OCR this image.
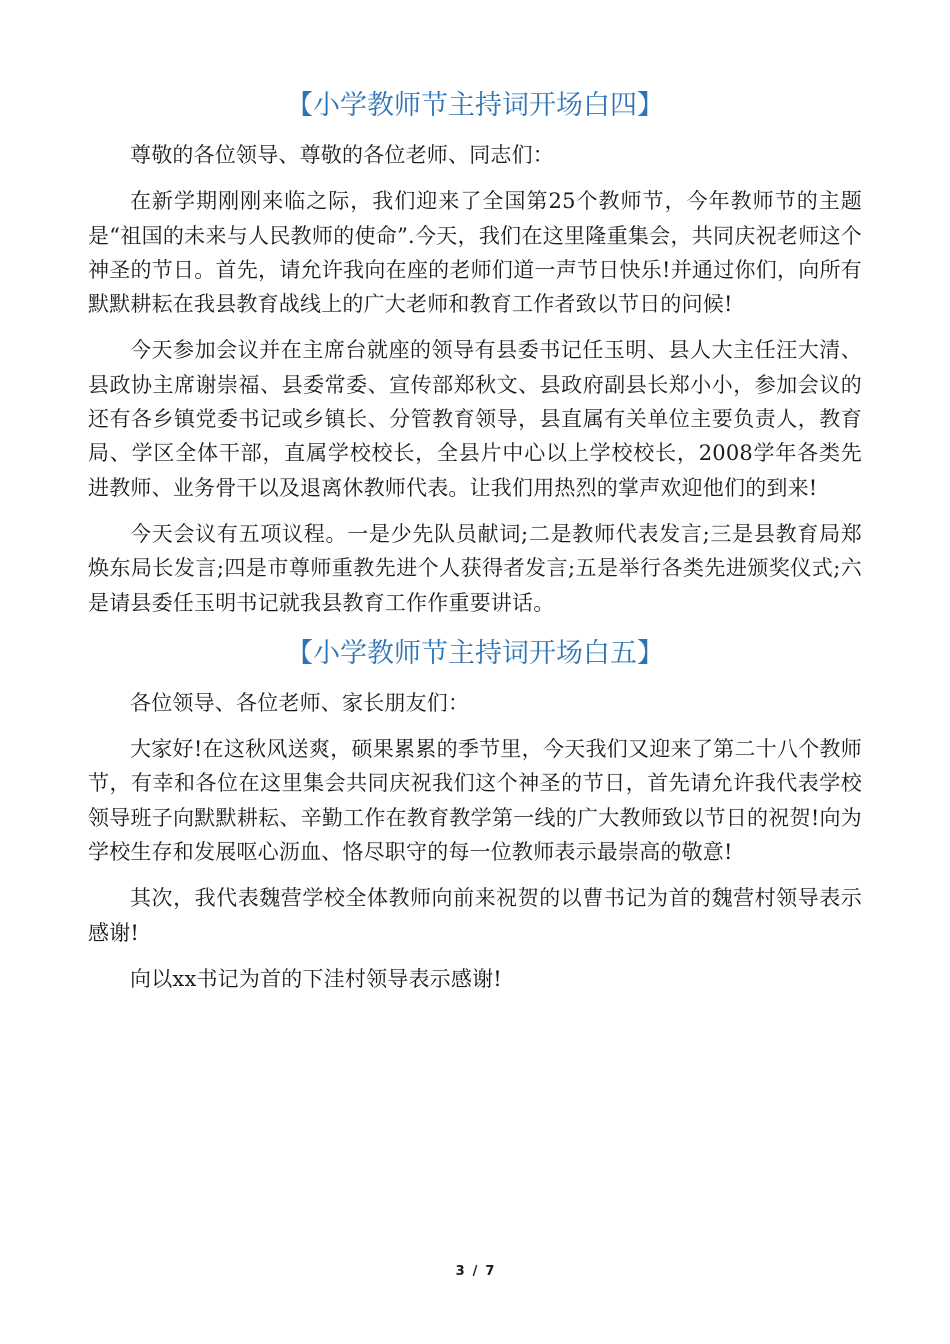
【小学教师节主持词开场白四】

尊敬的各位领导、尊敬的各位老师、同志们：

在新学期刚刚来临之际，我们迎来了全国第25个教师节，今年教师节的主题是“祖国的未来与人民教师的使命”.今天，我们在这里隆重集会，共同庆祝老师这个神圣的节日。首先，请允许我向在座的老师们道一声节日快乐!并通过你们，向所有默默耕耘在我县教育战线上的广大老师和教育工作者致以节日的问候!

今天参加会议并在主席台就座的领导有县委书记任玉明、县人大主任汪大清、县政协主席谢崇福、县委常委、宣传部郑秋文、县政府副县长郑小小，参加会议的还有各乡镇党委书记或乡镇长、分管教育领导，县直属有关单位主要负责人，教育局、学区全体干部，直属学校校长，全县片中心以上学校校长，2008学年各类先进教师、业务骨干以及退离休教师代表。让我们用热烈的掌声欢迎他们的到来!

今天会议有五项议程。一是少先队员献词;二是教师代表发言;三是县教育局郑焕东局长发言;四是市尊师重教先进个人获得者发言;五是举行各类先进颁奖仪式;六是请县委任玉明书记就我县教育工作作重要讲话。

【小学教师节主持词开场白五】

各位领导、各位老师、家长朋友们：

大家好!在这秋风送爽，硕果累累的季节里，今天我们又迎来了第二十八个教师节，有幸和各位在这里集会共同庆祝我们这个神圣的节日，首先请允许我代表学校领导班子向默默耕耘、辛勤工作在教育教学第一线的广大教师致以节日的祝贺!向为学校生存和发展呕心沥血、恪尽职守的每一位教师表示最崇高的敬意!

其次，我代表魏营学校全体教师向前来祝贺的以曹书记为首的魏营村领导表示感谢!

向以xx书记为首的下洼村领导表示感谢!

3 / 7
